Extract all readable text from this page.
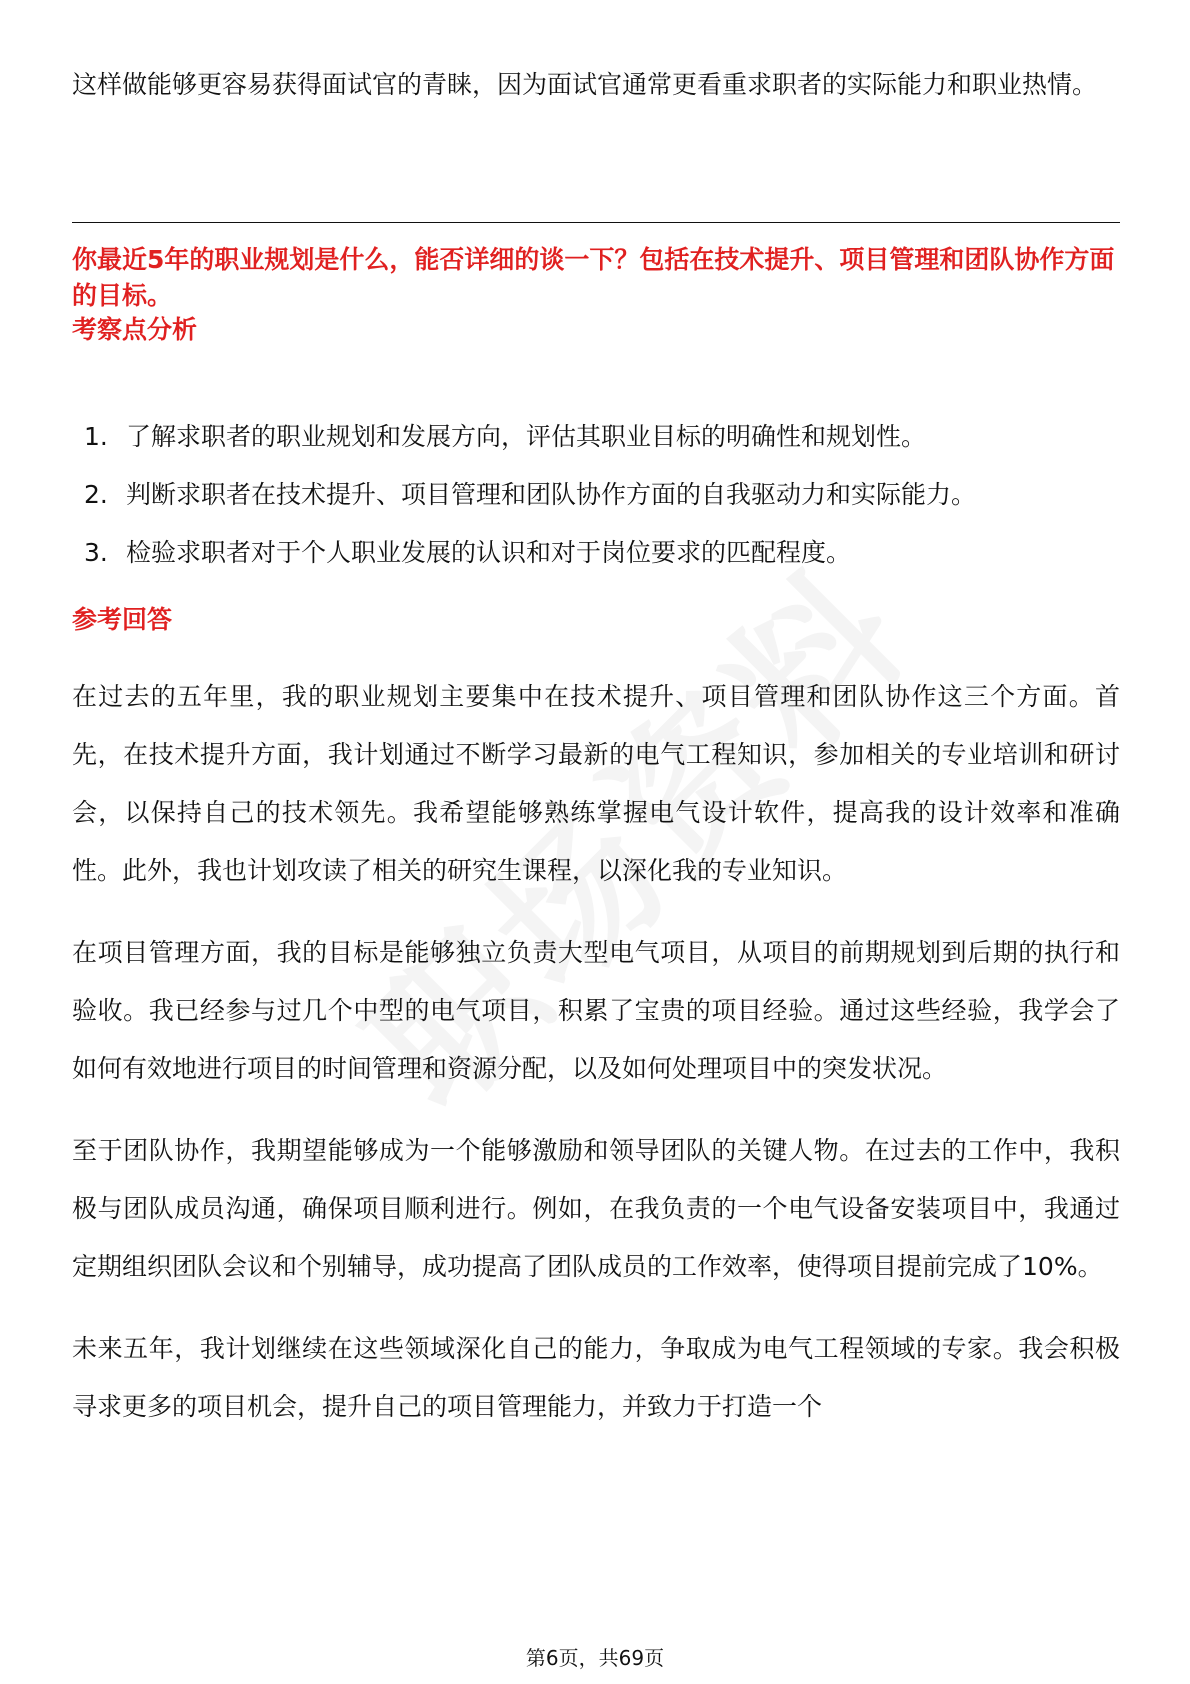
这样做能够更容易获得面试官的青睐，因为面试官通常更看重求职者的实际能力和职业热情。

你最近5年的职业规划是什么，能否详细的谈一下？包括在技术提升、项目管理和团队协作方面的目标。
考察点分析
1. 了解求职者的职业规划和发展方向，评估其职业目标的明确性和规划性。
2. 判断求职者在技术提升、项目管理和团队协作方面的自我驱动力和实际能力。
3. 检验求职者对于个人职业发展的认识和对于岗位要求的匹配程度。
参考回答

在过去的五年里，我的职业规划主要集中在技术提升、项目管理和团队协作这三个方面。首先，在技术提升方面，我计划通过不断学习最新的电气工程知识，参加相关的专业培训和研讨会，以保持自己的技术领先。我希望能够熟练掌握电气设计软件，提高我的设计效率和准确性。此外，我也计划攻读了相关的研究生课程，以深化我的专业知识。

在项目管理方面，我的目标是能够独立负责大型电气项目，从项目的前期规划到后期的执行和验收。我已经参与过几个中型的电气项目，积累了宝贵的项目经验。通过这些经验，我学会了如何有效地进行项目的时间管理和资源分配，以及如何处理项目中的突发状况。

至于团队协作，我期望能够成为一个能够激励和领导团队的关键人物。在过去的工作中，我积极与团队成员沟通，确保项目顺利进行。例如，在我负责的一个电气设备安装项目中，我通过定期组织团队会议和个别辅导，成功提高了团队成员的工作效率，使得项目提前完成了10%。

未来五年，我计划继续在这些领域深化自己的能力，争取成为电气工程领域的专家。我会积极寻求更多的项目机会，提升自己的项目管理能力，并致力于打造一个

第6页，共69页
